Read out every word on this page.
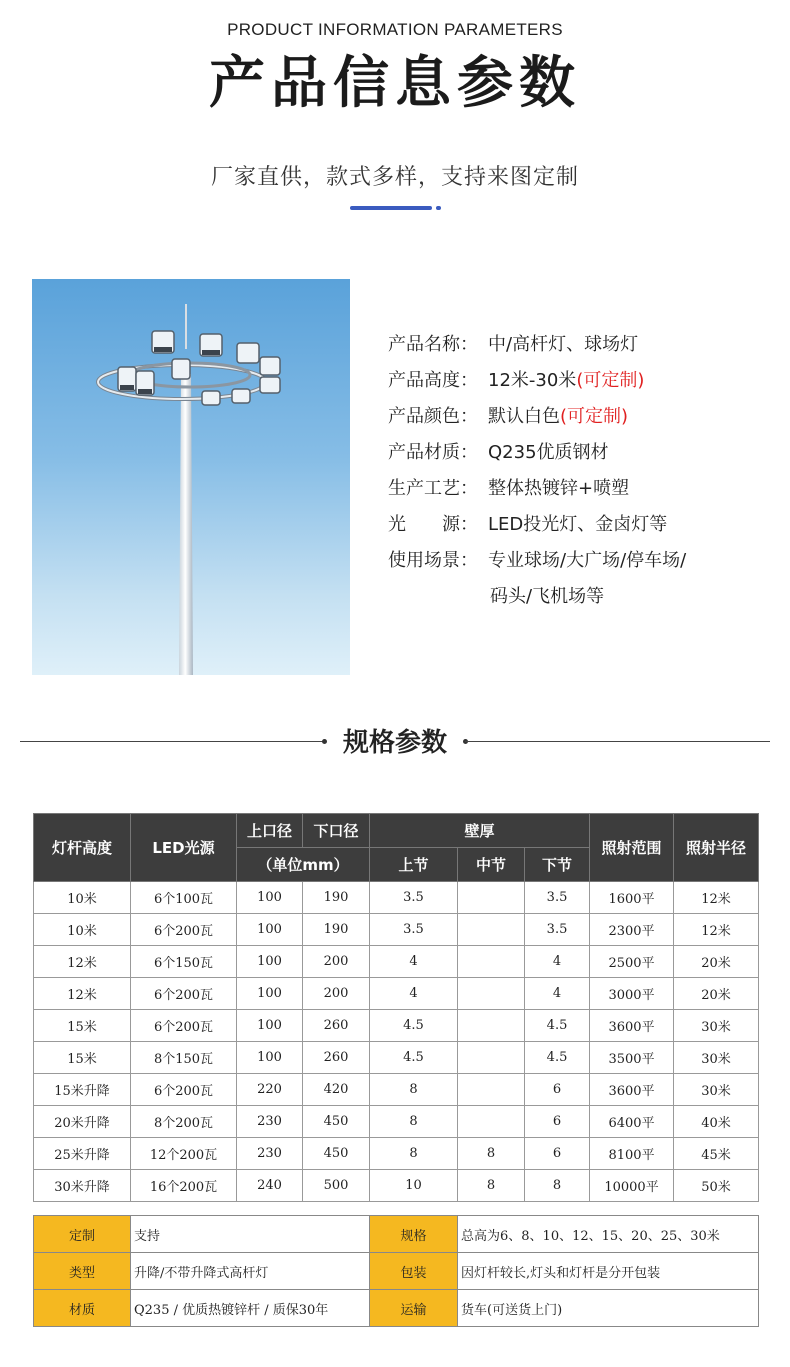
PRODUCT INFORMATION PARAMETERS
产品信息参数
厂家直供，款式多样，支持来图定制
产品名称： 中/高杆灯、球场灯
产品高度： 12米-30米(可定制)
产品颜色： 默认白色(可定制)
产品材质： Q235优质钢材
生产工艺： 整体热镀锌+喷塑
光　　源： LED投光灯、金卤灯等
使用场景： 专业球场/大广场/停车场/
码头/飞机场等
规格参数
灯杆高度	LED光源	上口径	下口径	壁厚			照射范围	照射半径
		（单位mm）		上节	中节	下节		
10米	6个100瓦	100	190	3.5		3.5	1600平	12米
10米	6个200瓦	100	190	3.5		3.5	2300平	12米
12米	6个150瓦	100	200	4		4	2500平	20米
12米	6个200瓦	100	200	4		4	3000平	20米
15米	6个200瓦	100	260	4.5		4.5	3600平	30米
15米	8个150瓦	100	260	4.5		4.5	3500平	30米
15米升降	6个200瓦	220	420	8		6	3600平	30米
20米升降	8个200瓦	230	450	8		6	6400平	40米
25米升降	12个200瓦	230	450	8	8	6	8100平	45米
30米升降	16个200瓦	240	500	10	8	8	10000平	50米
定制	支持	规格	总高为6、8、10、12、15、20、25、30米
类型	升降/不带升降式高杆灯	包装	因灯杆较长,灯头和灯杆是分开包装
材质	Q235 / 优质热镀锌杆 / 质保30年	运输	货车(可送货上门)
